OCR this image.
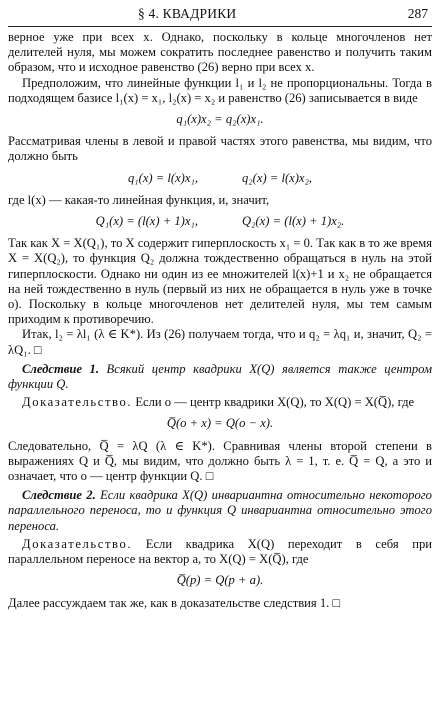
§ 4. КВАДРИКИ	287

верное уже при всех x. Однако, поскольку в кольце многочленов нет делителей нуля, мы можем сократить последнее равенство и получить таким образом, что и исходное равенство (26) верно при всех x.

Предположим, что линейные функции l₁ и l₂ не пропорциональны. Тогда в подходящем базисе l₁(x) = x₁, l₂(x) = x₂ и равенство (26) записывается в виде

q₁(x)x₂ = q₂(x)x₁.

Рассматривая члены в левой и правой частях этого равенства, мы видим, что должно быть

q₁(x) = l(x)x₁,	q₂(x) = l(x)x₂,

где l(x) — какая-то линейная функция, и, значит,

Q₁(x) = (l(x) + 1)x₁,	Q₂(x) = (l(x) + 1)x₂.

Так как X = X(Q₁), то X содержит гиперплоскость x₁ = 0. Так как в то же время X = X(Q₂), то функция Q₂ должна тождественно обращаться в нуль на этой гиперплоскости. Однако ни один из ее множителей l(x)+1 и x₂ не обращается на ней тождественно в нуль (первый из них не обращается в нуль уже в точке o). Поскольку в кольце многочленов нет делителей нуля, мы тем самым приходим к противоречию.

Итак, l₂ = λl₁ (λ ∈ K*). Из (26) получаем тогда, что и q₂ = λq₁ и, значит, Q₂ = λQ₁. □

Следствие 1. Всякий центр квадрики X(Q) является также центром функции Q.

Доказательство. Если o — центр квадрики X(Q), то X(Q) = X(Q̅), где

Q̅(o + x) = Q(o − x).

Следовательно, Q̅ = λQ (λ ∈ K*). Сравнивая члены второй степени в выражениях Q и Q̅, мы видим, что должно быть λ = 1, т. е. Q̅ = Q, а это и означает, что o — центр функции Q. □

Следствие 2. Если квадрика X(Q) инвариантна относительно некоторого параллельного переноса, то и функция Q инвариантна относительно этого переноса.

Доказательство. Если квадрика X(Q) переходит в себя при параллельном переносе на вектор a, то X(Q) = X(Q̅), где

Q̅(p) = Q(p + a).

Далее рассуждаем так же, как в доказательстве следствия 1. □
